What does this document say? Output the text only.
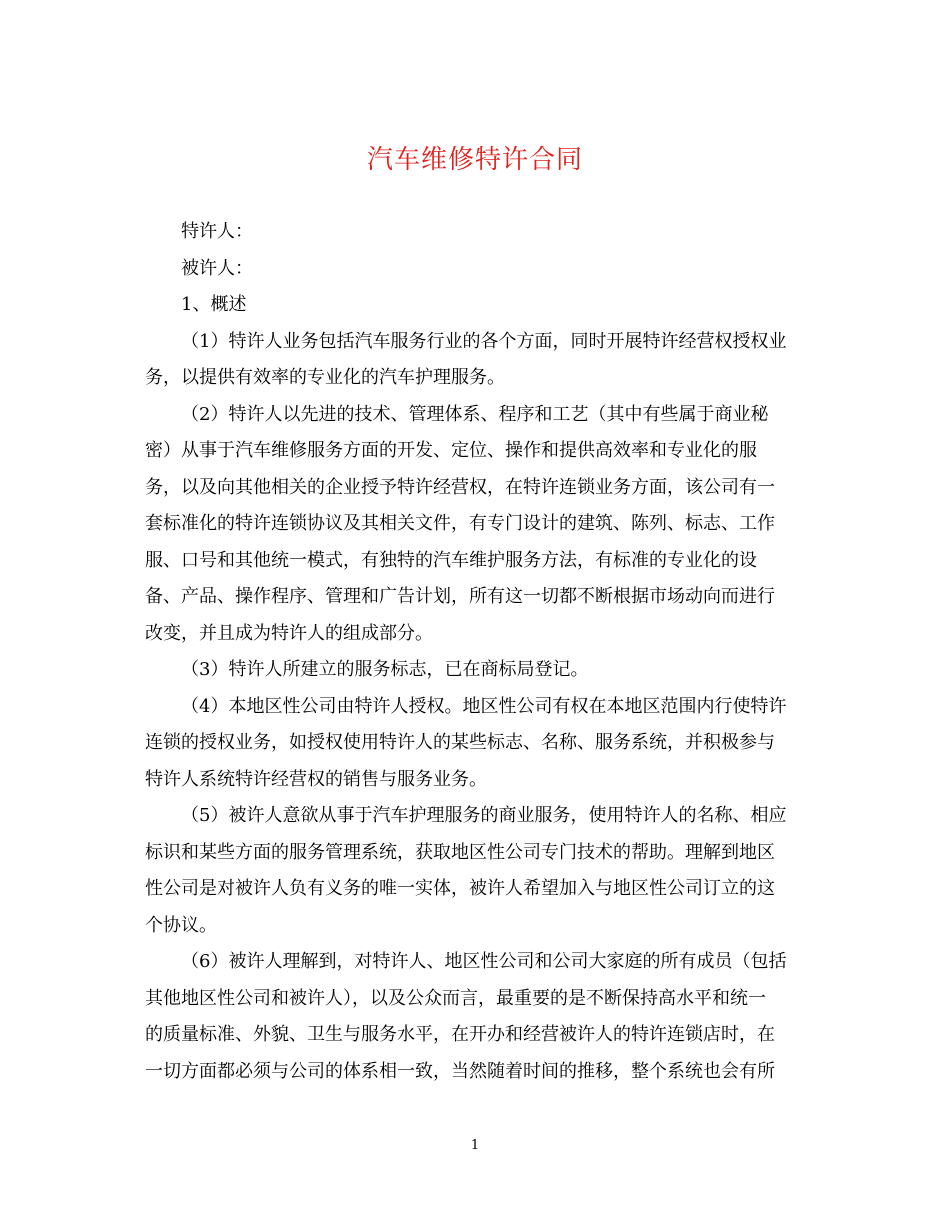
汽车维修特许合同
特许人：
被许人：
1、概述
（1）特许人业务包括汽车服务行业的各个方面，同时开展特许经营权授权业
务，以提供有效率的专业化的汽车护理服务。
（2）特许人以先进的技术、管理体系、程序和工艺（其中有些属于商业秘
密）从事于汽车维修服务方面的开发、定位、操作和提供高效率和专业化的服
务，以及向其他相关的企业授予特许经营权，在特许连锁业务方面，该公司有一
套标准化的特许连锁协议及其相关文件，有专门设计的建筑、陈列、标志、工作
服、口号和其他统一模式，有独特的汽车维护服务方法，有标准的专业化的设
备、产品、操作程序、管理和广告计划，所有这一切都不断根据市场动向而进行
改变，并且成为特许人的组成部分。
（3）特许人所建立的服务标志，已在商标局登记。
（4）本地区性公司由特许人授权。地区性公司有权在本地区范围内行使特许
连锁的授权业务，如授权使用特许人的某些标志、名称、服务系统，并积极参与
特许人系统特许经营权的销售与服务业务。
（5）被许人意欲从事于汽车护理服务的商业服务，使用特许人的名称、相应
标识和某些方面的服务管理系统，获取地区性公司专门技术的帮助。理解到地区
性公司是对被许人负有义务的唯一实体，被许人希望加入与地区性公司订立的这
个协议。
（6）被许人理解到，对特许人、地区性公司和公司大家庭的所有成员（包括
其他地区性公司和被许人），以及公众而言，最重要的是不断保持高水平和统一
的质量标准、外貌、卫生与服务水平，在开办和经营被许人的特许连锁店时，在
一切方面都必须与公司的体系相一致，当然随着时间的推移，整个系统也会有所
1
